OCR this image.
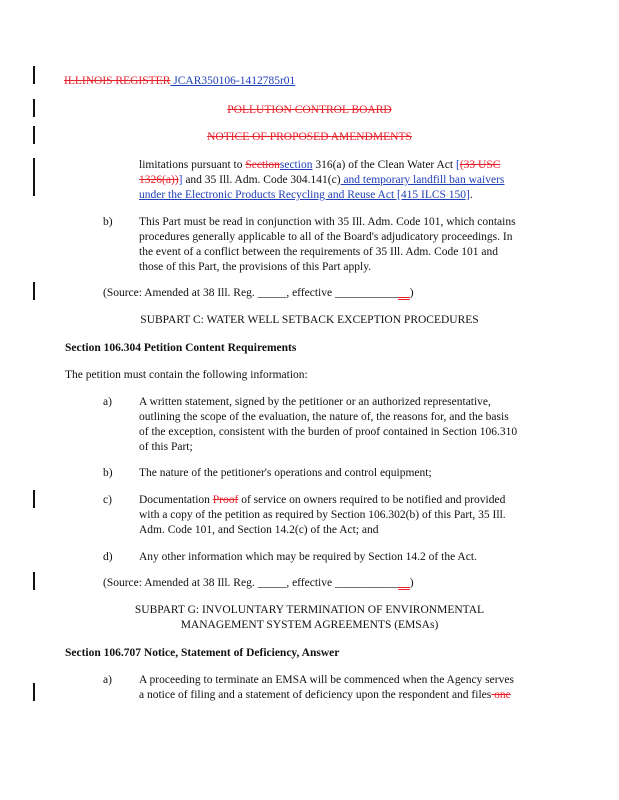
ILLINOIS REGISTER JCAR350106-1412785r01
POLLUTION CONTROL BOARD
NOTICE OF PROPOSED AMENDMENTS
limitations pursuant to Sectionsection 316(a) of the Clean Water Act [(33 USC
1326(a))] and 35 Ill. Adm. Code 304.141(c) and temporary landfill ban waivers
under the Electronic Products Recycling and Reuse Act [415 ILCS 150].
b) This Part must be read in conjunction with 35 Ill. Adm. Code 101, which contains
procedures generally applicable to all of the Board's adjudicatory proceedings. In
the event of a conflict between the requirements of 35 Ill. Adm. Code 101 and
those of this Part, the provisions of this Part apply.
(Source: Amended at 38 Ill. Reg. _____, effective _____________)
SUBPART C: WATER WELL SETBACK EXCEPTION PROCEDURES
Section 106.304 Petition Content Requirements
The petition must contain the following information:
a) A written statement, signed by the petitioner or an authorized representative,
outlining the scope of the evaluation, the nature of, the reasons for, and the basis
of the exception, consistent with the burden of proof contained in Section 106.310
of this Part;
b) The nature of the petitioner's operations and control equipment;
c) Documentation Proof of service on owners required to be notified and provided
with a copy of the petition as required by Section 106.302(b) of this Part, 35 Ill.
Adm. Code 101, and Section 14.2(c) of the Act; and
d) Any other information which may be required by Section 14.2 of the Act.
(Source: Amended at 38 Ill. Reg. _____, effective _____________)
SUBPART G: INVOLUNTARY TERMINATION OF ENVIRONMENTAL
MANAGEMENT SYSTEM AGREEMENTS (EMSAs)
Section 106.707 Notice, Statement of Deficiency, Answer
a) A proceeding to terminate an EMSA will be commenced when the Agency serves
a notice of filing and a statement of deficiency upon the respondent and files one
